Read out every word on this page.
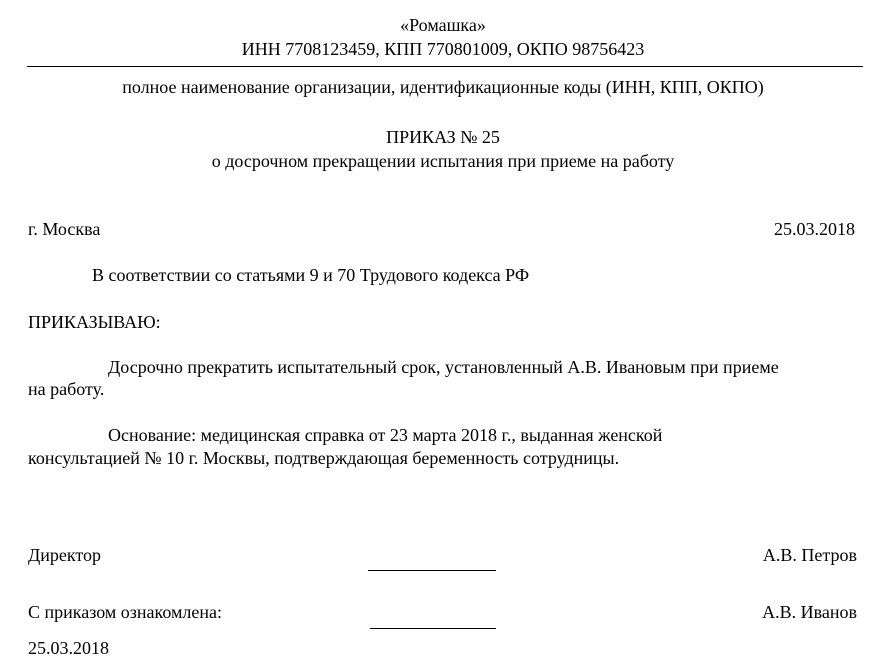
«Ромашка»
ИНН 7708123459, КПП 770801009, ОКПО 98756423
полное наименование организации, идентификационные коды (ИНН, КПП, ОКПО)
ПРИКАЗ № 25
о досрочном прекращении испытания при приеме на работу
г. Москва	25.03.2018
В соответствии со статьями 9 и 70 Трудового кодекса РФ
ПРИКАЗЫВАЮ:
Досрочно прекратить испытательный срок, установленный А.В. Ивановым при приеме
на работу.
Основание: медицинская справка от 23 марта 2018 г., выданная женской
консультацией № 10 г. Москвы, подтверждающая беременность сотрудницы.
Директор	А.В. Петров
С приказом ознакомлена:	А.В. Иванов
25.03.2018
